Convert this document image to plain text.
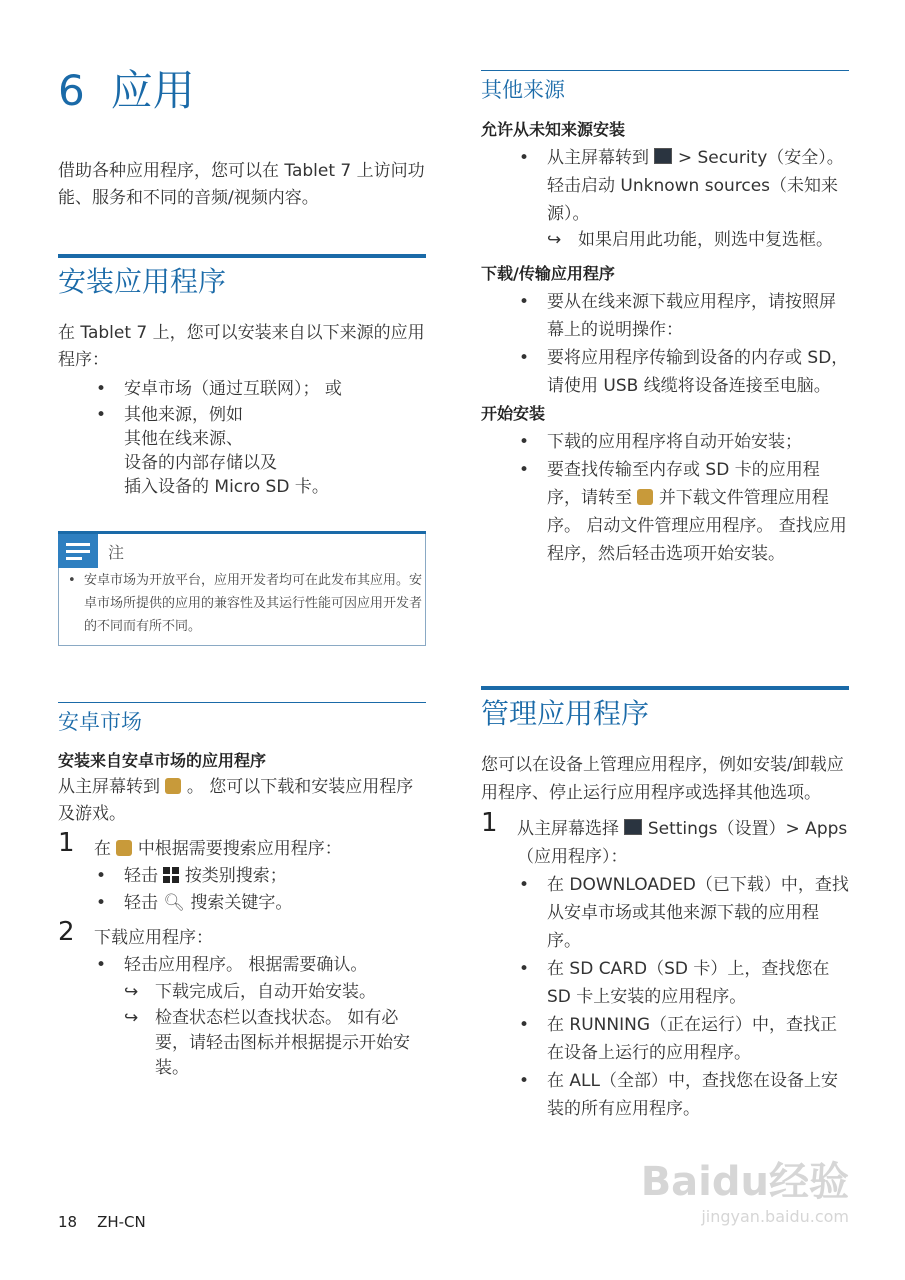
6 应用
借助各种应用程序，您可以在 Tablet 7 上访问功能、服务和不同的音频/视频内容。
安装应用程序
在 Tablet 7 上，您可以安装来自以下来源的应用程序：
• 安卓市场（通过互联网）； 或
• 其他来源，例如
其他在线来源、
设备的内部存储以及
插入设备的 Micro SD 卡。
注
• 安卓市场为开放平台，应用开发者均可在此发布其应用。安卓市场所提供的应用的兼容性及其运行性能可因应用开发者的不同而有所不同。
安卓市场
安装来自安卓市场的应用程序
从主屏幕转到 。 您可以下载和安装应用程序及游戏。
1 在 中根据需要搜索应用程序：
• 轻击 按类别搜索；
• 轻击 🔍︎ 搜索关键字。
2 下载应用程序：
• 轻击应用程序。 根据需要确认。
↪ 下载完成后，自动开始安装。
↪ 检查状态栏以查找状态。 如有必要，请轻击图标并根据提示开始安装。
其他来源
允许从未知来源安装
• 从主屏幕转到 > Security（安全）。 轻击启动 Unknown sources（未知来源）。
↪ 如果启用此功能，则选中复选框。
下载/传输应用程序
• 要从在线来源下载应用程序，请按照屏幕上的说明操作：
• 要将应用程序传输到设备的内存或 SD， 请使用 USB 线缆将设备连接至电脑。
开始安装
• 下载的应用程序将自动开始安装；
• 要查找传输至内存或 SD 卡的应用程序，请转至 并下载文件管理应用程序。 启动文件管理应用程序。 查找应用程序，然后轻击选项开始安装。
管理应用程序
您可以在设备上管理应用程序，例如安装/卸载应用程序、停止运行应用程序或选择其他选项。
1 从主屏幕选择 Settings（设置）> Apps（应用程序）：
• 在 DOWNLOADED（已下载）中，查找从安卓市场或其他来源下载的应用程序。
• 在 SD CARD（SD 卡）上，查找您在 SD 卡上安装的应用程序。
• 在 RUNNING（正在运行）中，查找正在设备上运行的应用程序。
• 在 ALL（全部）中，查找您在设备上安装的所有应用程序。
18 ZH-CN
Baidu经验
jingyan.baidu.com
